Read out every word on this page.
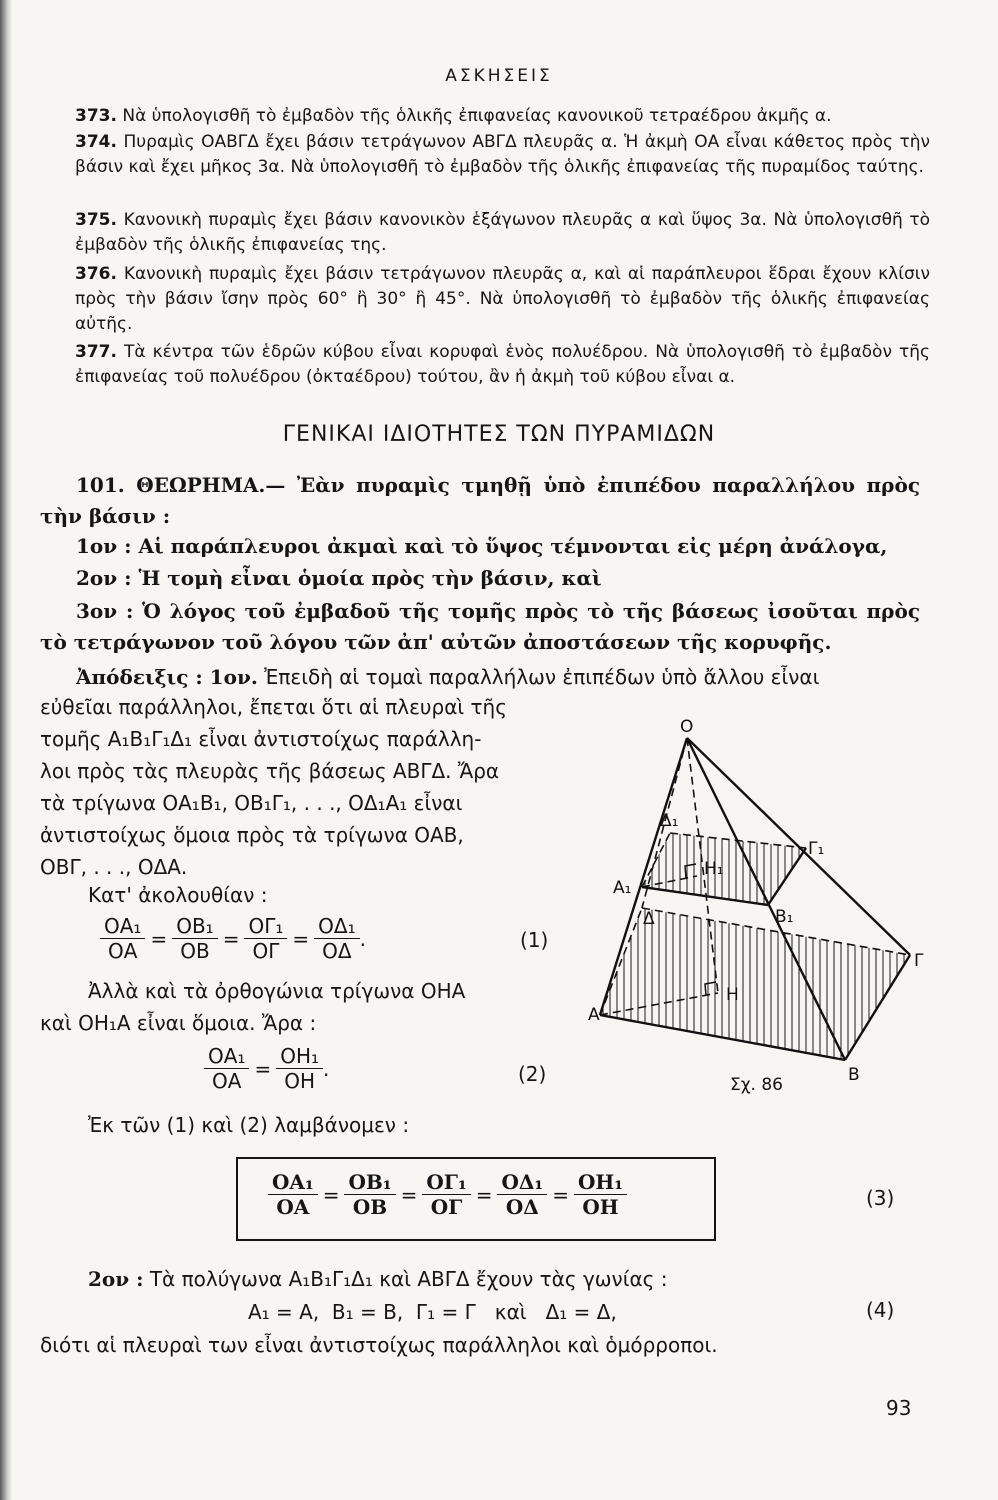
ΑΣΚΗΣΕΙΣ
373. Νὰ ὑπολογισθῆ τὸ ἐμβαδὸν τῆς ὁλικῆς ἐπιφανείας κανονικοῦ τετραέδρου ἀκμῆς α.
374. Πυραμὶς ΟΑΒΓΔ ἔχει βάσιν τετράγωνον ΑΒΓΔ πλευρᾶς α. Ἡ ἀκμὴ ΟΑ εἶναι κάθετος πρὸς τὴν βάσιν καὶ ἔχει μῆκος 3α. Νὰ ὑπολογισθῆ τὸ ἐμβαδὸν τῆς ὁλικῆς ἐπιφανείας τῆς πυραμίδος ταύτης.
375. Κανονικὴ πυραμὶς ἔχει βάσιν κανονικὸν ἑξάγωνον πλευρᾶς α καὶ ὕψος 3α. Νὰ ὑπολογισθῆ τὸ ἐμβαδὸν τῆς ὁλικῆς ἐπιφανείας της.
376. Κανονικὴ πυραμὶς ἔχει βάσιν τετράγωνον πλευρᾶς α, καὶ αἱ παράπλευροι ἕδραι ἔχουν κλίσιν πρὸς τὴν βάσιν ἴσην πρὸς 60° ἢ 30° ἢ 45°. Νὰ ὑπολογισθῆ τὸ ἐμβαδὸν τῆς ὁλικῆς ἐπιφανείας αὐτῆς.
377. Τὰ κέντρα τῶν ἑδρῶν κύβου εἶναι κορυφαὶ ἑνὸς πολυέδρου. Νὰ ὑπολογισθῆ τὸ ἐμβαδὸν τῆς ἐπιφανείας τοῦ πολυέδρου (ὀκταέδρου) τούτου, ἂν ἡ ἀκμὴ τοῦ κύβου εἶναι α.
ΓΕΝΙΚΑΙ ΙΔΙΟΤΗΤΕΣ ΤΩΝ ΠΥΡΑΜΙΔΩΝ
101. ΘΕΩΡΗΜΑ.— Ἐὰν πυραμὶς τμηθῇ ὑπὸ ἐπιπέδου παραλλήλου πρὸς τὴν βάσιν :
1ον : Αἱ παράπλευροι ἀκμαὶ καὶ τὸ ὕψος τέμνονται εἰς μέρη ἀνάλογα,
2ον : Ἡ τομὴ εἶναι ὁμοία πρὸς τὴν βάσιν, καὶ
3ον : Ὁ λόγος τοῦ ἐμβαδοῦ τῆς τομῆς πρὸς τὸ τῆς βάσεως ἰσοῦται πρὸς τὸ τετράγωνον τοῦ λόγου τῶν ἀπ' αὐτῶν ἀποστάσεων τῆς κορυφῆς.
Ἀπόδειξις : 1ον. Ἐπειδὴ αἱ τομαὶ παραλλήλων ἐπιπέδων ὑπὸ ἄλλου εἶναι
εὐθεῖαι παράλληλοι, ἔπεται ὅτι αἱ πλευραὶ τῆς
τομῆς Α₁Β₁Γ₁Δ₁ εἶναι ἀντιστοίχως παράλλη-
λοι πρὸς τὰς πλευρὰς τῆς βάσεως ΑΒΓΔ. Ἄρα
τὰ τρίγωνα ΟΑ₁Β₁, ΟΒ₁Γ₁, . . ., ΟΔ₁Α₁ εἶναι
ἀντιστοίχως ὅμοια πρὸς τὰ τρίγωνα ΟΑΒ,
ΟΒΓ, . . ., ΟΔΑ.
Κατ' ἀκολουθίαν :
$\frac{\text{ΟΑ₁}}{OA} = \frac{\text{ΟΒ₁}}{OB} = \frac{\text{ΟΓ₁}}{O\Gamma} = \frac{\text{ΟΔ₁}}{O\Delta}$ .	(1)
Ἀλλὰ καὶ τὰ ὀρθογώνια τρίγωνα ΟΗΑ
καὶ ΟΗ₁Α εἶναι ὅμοια. Ἄρα :
$\frac{\text{ΟΑ₁}}{OA} = \frac{\text{ΟΗ₁}}{OH}$ .	(2)
Ἐκ τῶν (1) καὶ (2) λαμβάνομεν :
$\frac{\text{ΟΑ₁}}{OA} = \frac{\text{ΟΒ₁}}{OB} = \frac{\text{ΟΓ₁}}{O\Gamma} = \frac{\text{ΟΔ₁}}{O\Delta} = \frac{\text{ΟΗ₁}}{OH}$	(3)
2ον : Τὰ πολύγωνα Α₁Β₁Γ₁Δ₁ καὶ ΑΒΓΔ ἔχουν τὰς γωνίας :
Α₁ = Α,  Β₁ = Β,  Γ₁ = Γ   καὶ   Δ₁ = Δ,	(4)
διότι αἱ πλευραὶ των εἶναι ἀντιστοίχως παράλληλοι καὶ ὁμόρροποι.
Ο
Α
Β
Γ
Δ
Η
Α₁
Β₁
Γ₁
Δ₁
Η₁
Σχ. 86
93
